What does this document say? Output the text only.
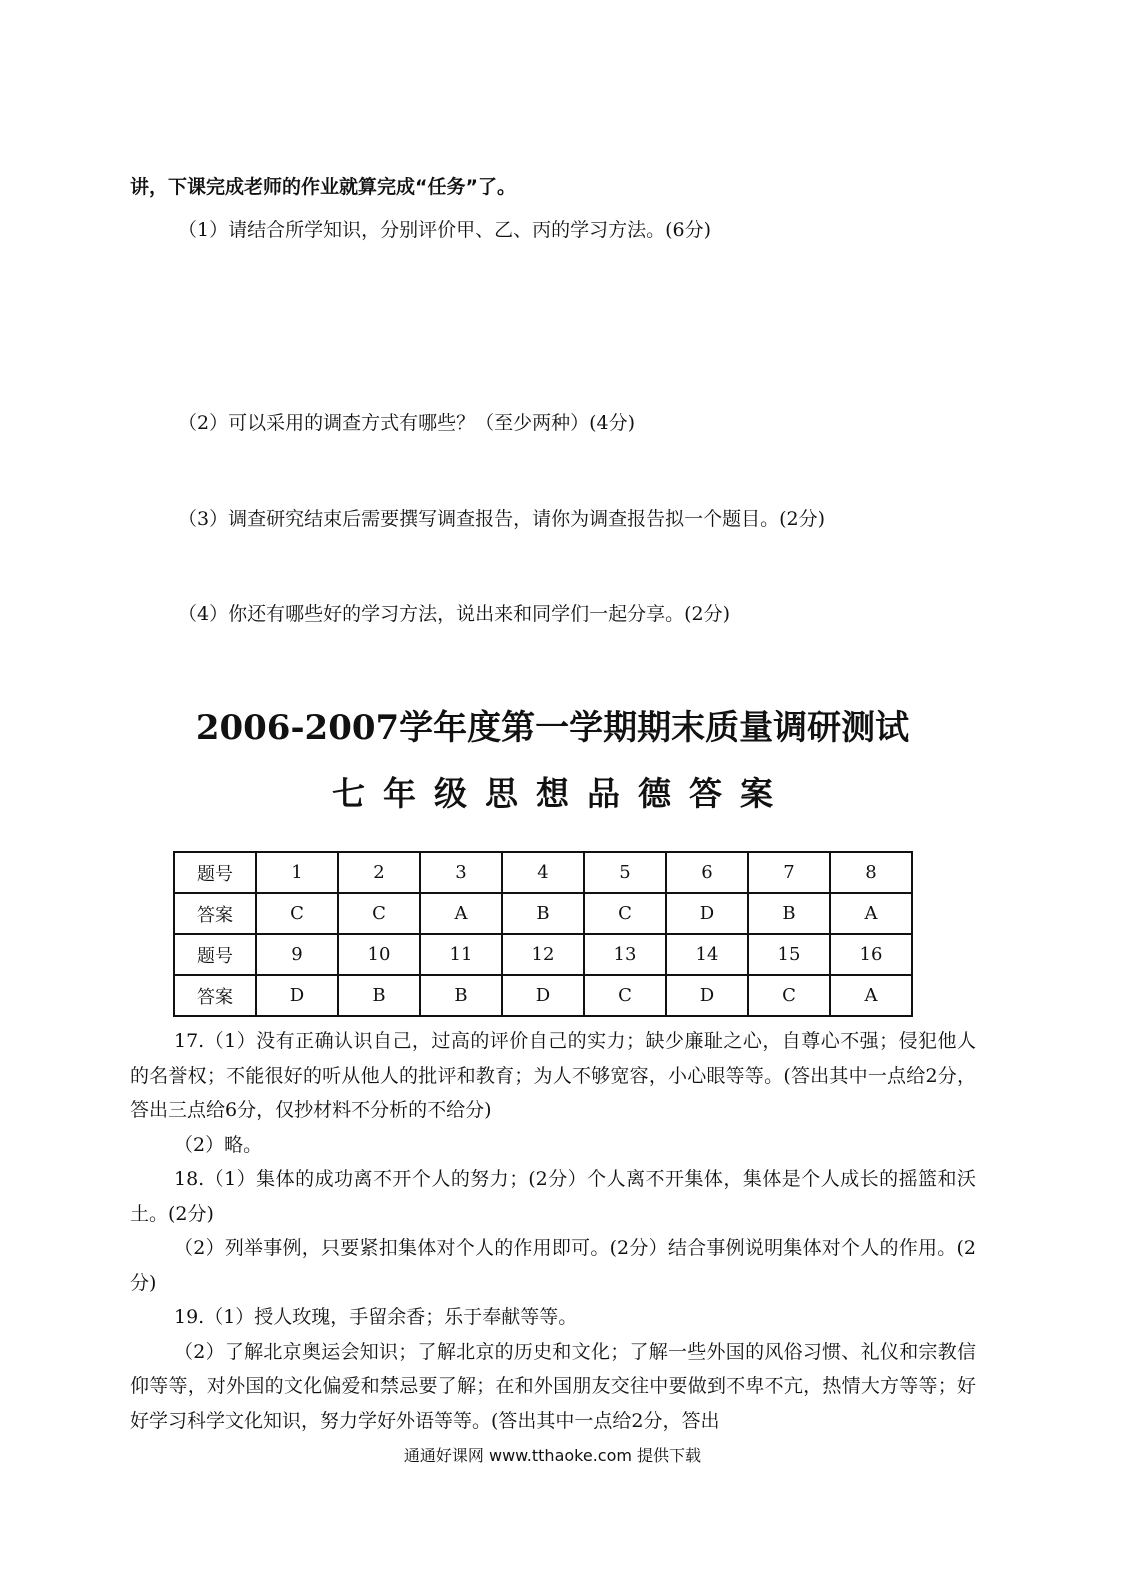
讲，下课完成老师的作业就算完成“任务”了。
（1）请结合所学知识，分别评价甲、乙、丙的学习方法。(6分)
（2）可以采用的调查方式有哪些？（至少两种）(4分)
（3）调查研究结束后需要撰写调查报告，请你为调查报告拟一个题目。(2分)
（4）你还有哪些好的学习方法，说出来和同学们一起分享。(2分)
2006-2007学年度第一学期期末质量调研测试
七年级思想品德答案
题号	1	2	3	4	5	6	7	8
答案	C	C	A	B	C	D	B	A
题号	9	10	11	12	13	14	15	16
答案	D	B	B	D	C	D	C	A

17.（1）没有正确认识自己，过高的评价自己的实力；缺少廉耻之心，自尊心不强；侵犯他人的名誉权；不能很好的听从他人的批评和教育；为人不够宽容，小心眼等等。(答出其中一点给2分，答出三点给6分，仅抄材料不分析的不给分)

（2）略。

18.（1）集体的成功离不开个人的努力；(2分）个人离不开集体，集体是个人成长的摇篮和沃土。(2分)

（2）列举事例，只要紧扣集体对个人的作用即可。(2分）结合事例说明集体对个人的作用。(2分)

19.（1）授人玫瑰，手留余香；乐于奉献等等。

（2）了解北京奥运会知识；了解北京的历史和文化；了解一些外国的风俗习惯、礼仪和宗教信仰等等，对外国的文化偏爱和禁忌要了解；在和外国朋友交往中要做到不卑不亢，热情大方等等；好好学习科学文化知识，努力学好外语等等。(答出其中一点给2分，答出

通通好课网 www.tthaoke.com 提供下载
